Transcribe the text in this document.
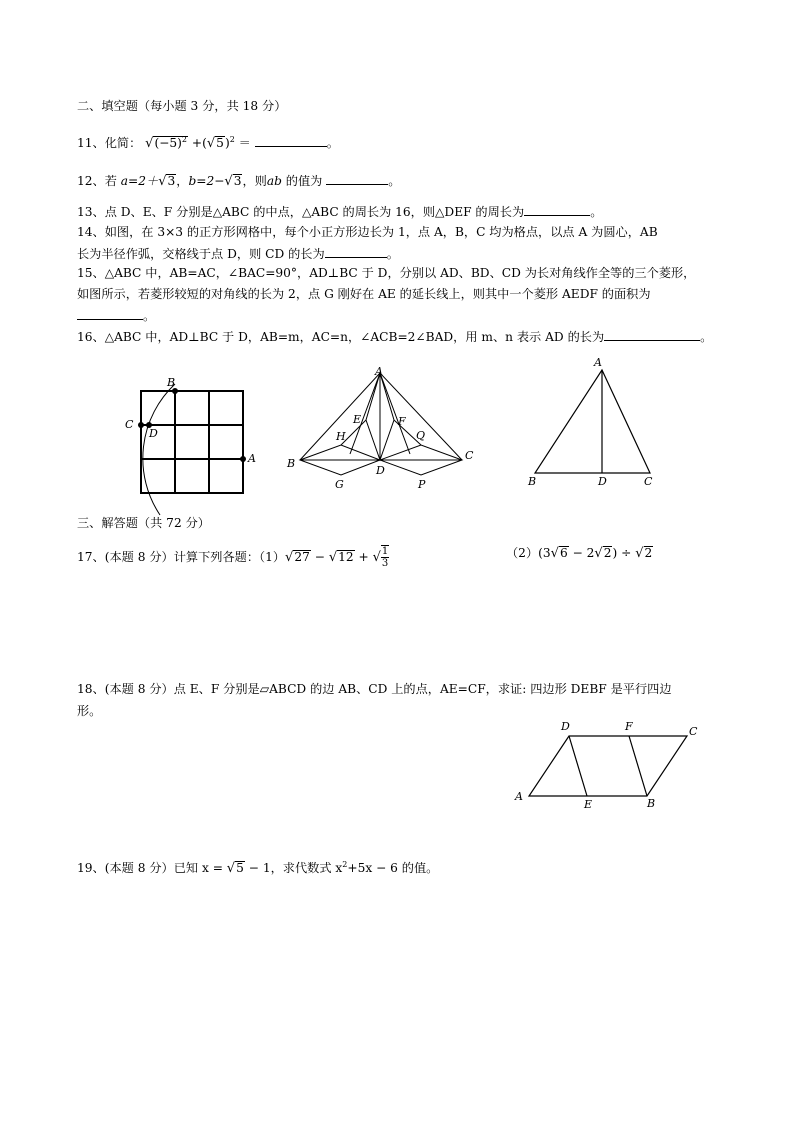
二、填空题（每小题 3 分，共 18 分）
11、化简： $√(-5)^2 +(√5)^2$ ＝	。
12、若 a=2＋√3，b=2−√3，则ab 的值为	。
13、点 D、E、F 分别是△ABC 的中点，△ABC 的周长为 16，则△DEF 的周长为	。
14、如图，在 3×3 的正方形网格中，每个小正方形边长为 1，点 A，B，C 均为格点，以点 A 为圆心，AB
长为半径作弧，交格线于点 D，则 CD 的长为	。
15、△ABC 中，AB=AC，∠BAC=90°，AD⊥BC 于 D，分别以 AD、BD、CD 为长对角线作全等的三个菱形，
如图所示，若菱形较短的对角线的长为 2，点 G 刚好在 AE 的延长线上，则其中一个菱形 AEDF 的面积为
。
16、△ABC 中，AD⊥BC 于 D，AB=m，AC=n，∠ACB=2∠BAD，用 m、n 表示 AD 的长为	。
B
C
D
A
A
E	F
H	Q
B
C
D
G	P
A
B	D	C
三、解答题（共 72 分）
17、(本题 8 分）计算下列各题：（1）√27 − √12 + √ $\frac{1}{3}$	（2）(3√6 − 2√2) ÷ √2
18、(本题 8 分）点 E、F 分别是▱ABCD 的边 AB、CD 上的点，AE=CF，求证: 四边形 DEBF 是平行四边
形。
D	F	C
A
E	B
19、(本题 8 分）已知 x = √5 − 1，求代数式 $x^2+5x - 6$ 的值。
